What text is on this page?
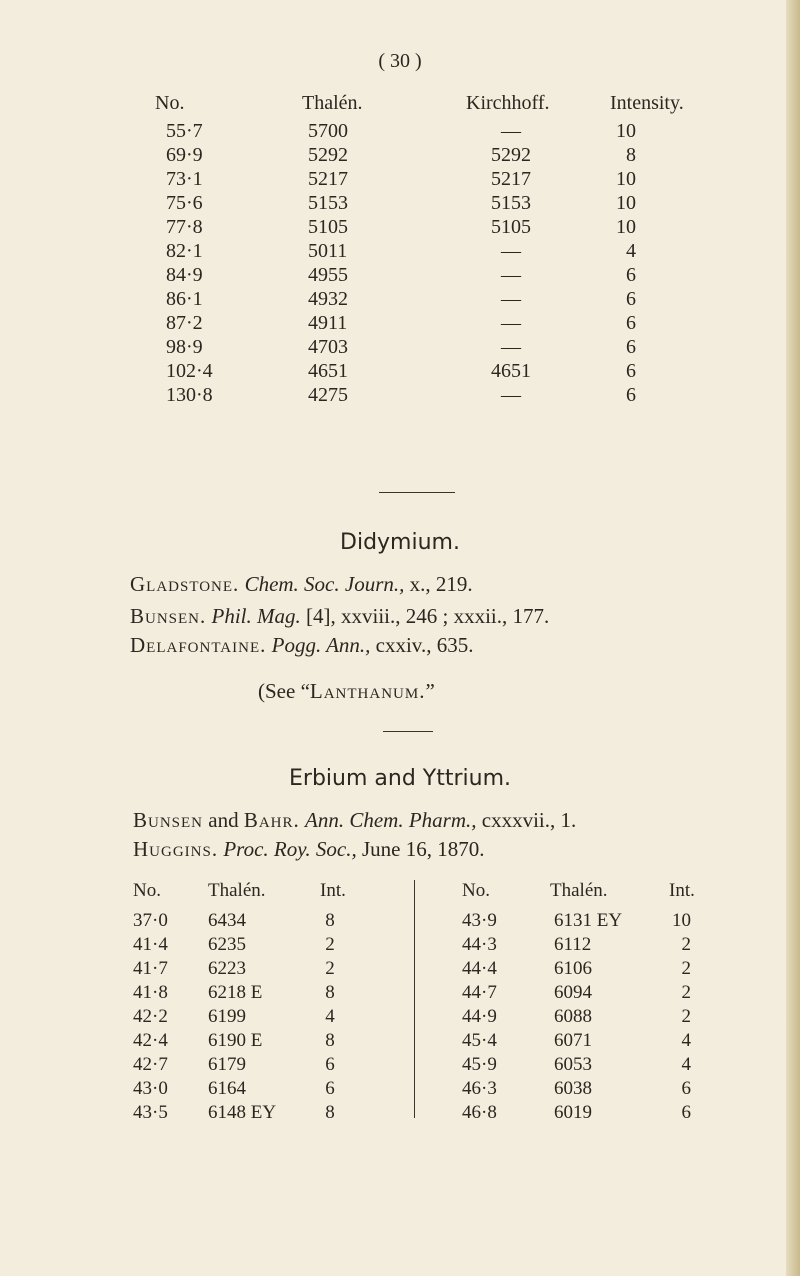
( 30 )
No.	Thalén.	Kirchhoff.	Intensity.
55·7	5700	—	10
69·9	5292	5292	8
73·1	5217	5217	10
75·6	5153	5153	10
77·8	5105	5105	10
82·1	5011	—	4
84·9	4955	—	6
86·1	4932	—	6
87·2	4911	—	6
98·9	4703	—	6
102·4	4651	4651	6
130·8	4275	—	6
Didymium.
Gladstone. Chem. Soc. Journ., x., 219.
Bunsen. Phil. Mag. [4], xxviii., 246 ; xxxii., 177.
Delafontaine. Pogg. Ann., cxxiv., 635.
(See “Lanthanum.”
Erbium and Yttrium.
Bunsen and Bahr. Ann. Chem. Pharm., cxxxvii., 1.
Huggins. Proc. Roy. Soc., June 16, 1870.
No. Thalén.	Int.
37·0 6434	8
41·4 6235	2
41·7 6223	2
41·8 6218 E	8
42·2 6199	4
42·4 6190 E	8
42·7 6179	6
43·0 6164	6
43·5 6148 EY	8
No.	Thalén.	Int.
43·9	6131 EY	10
44·3	6112	2
44·4	6106	2
44·7	6094	2
44·9	6088	2
45·4	6071	4
45·9	6053	4
46·3	6038	6
46·8	6019	6
